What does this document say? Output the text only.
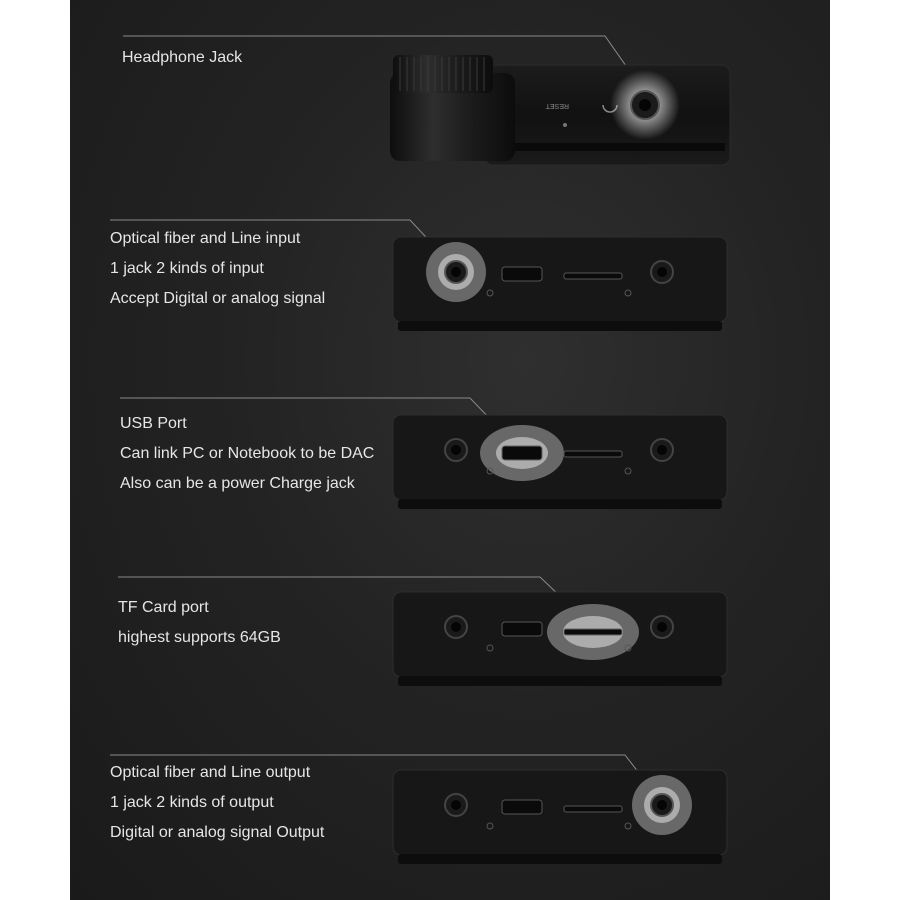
Headphone Jack
Optical fiber and Line input
1 jack 2 kinds of input
Accept Digital or analog signal
USB Port
Can link PC or Notebook to be DAC
Also can be a power Charge jack
TF Card port
highest supports 64GB
Optical fiber and Line output
1 jack 2 kinds of output
Digital or analog signal Output
RESET
